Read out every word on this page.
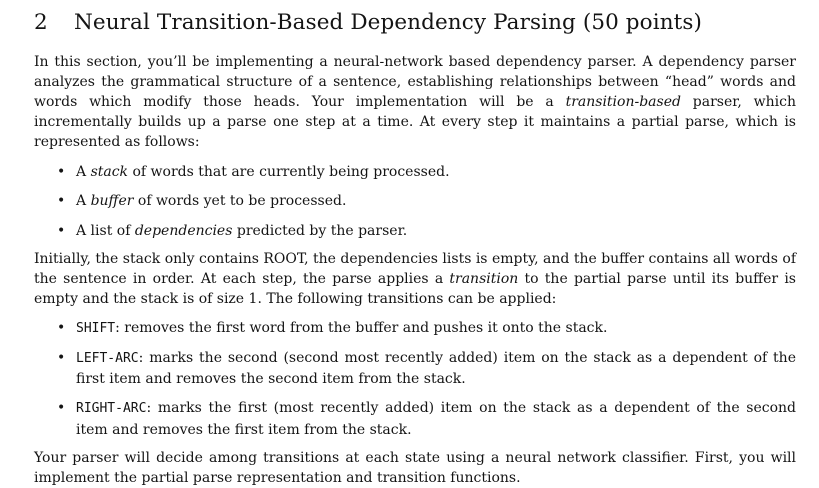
2	Neural Transition-Based Dependency Parsing (50 points)

In this section, you’ll be implementing a neural-network based dependency parser. A dependency parser analyzes the grammatical structure of a sentence, establishing relationships between “head” words and words which modify those heads. Your implementation will be a transition-based parser, which incrementally builds up a parse one step at a time. At every step it maintains a partial parse, which is represented as follows:

• A stack of words that are currently being processed.
• A buffer of words yet to be processed.
• A list of dependencies predicted by the parser.

Initially, the stack only contains ROOT, the dependencies lists is empty, and the buffer contains all words of the sentence in order. At each step, the parse applies a transition to the partial parse until its buffer is empty and the stack is of size 1. The following transitions can be applied:

• SHIFT: removes the first word from the buffer and pushes it onto the stack.
• LEFT-ARC: marks the second (second most recently added) item on the stack as a dependent of the first item and removes the second item from the stack.
• RIGHT-ARC: marks the first (most recently added) item on the stack as a dependent of the second item and removes the first item from the stack.

Your parser will decide among transitions at each state using a neural network classifier. First, you will implement the partial parse representation and transition functions.
